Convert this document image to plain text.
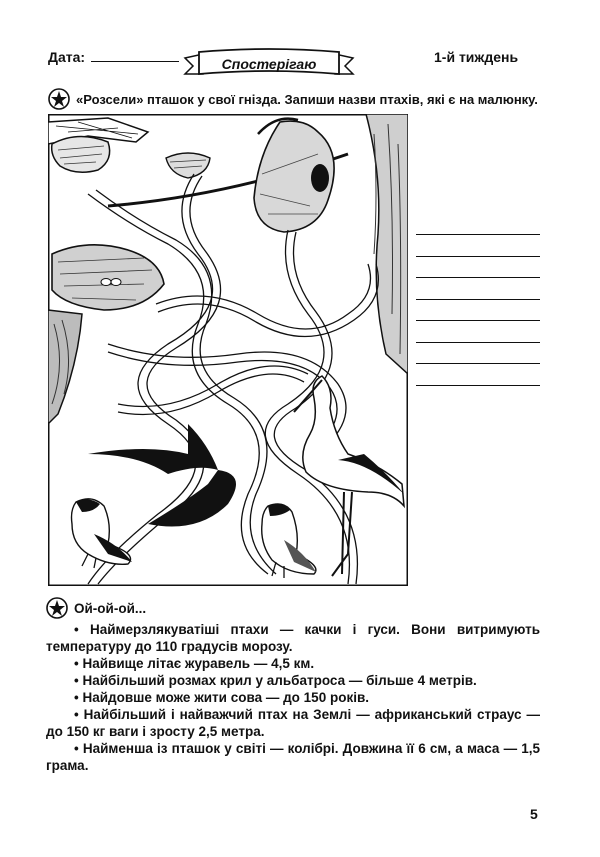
Дата:	Спостерігаю	1-й тиждень
«Розсели» пташок у свої гнізда. Запиши назви птахів, які є на малюнку.
Ой-ой-ой...
• Наймерзлякуватіші птахи — качки і гуси. Вони витримують температуру до 110 градусів морозу.
• Найвище літає журавель — 4,5 км.
• Найбільший розмах крил у альбатроса — більше 4 метрів.
• Найдовше може жити сова — до 150 років.
• Найбільший і найважчий птах на Землі — африканський страус — до 150 кг ваги і зросту 2,5 метра.
• Найменша із пташок у світі — колібрі. Довжина її 6 см, а маса — 1,5 грама.
5
